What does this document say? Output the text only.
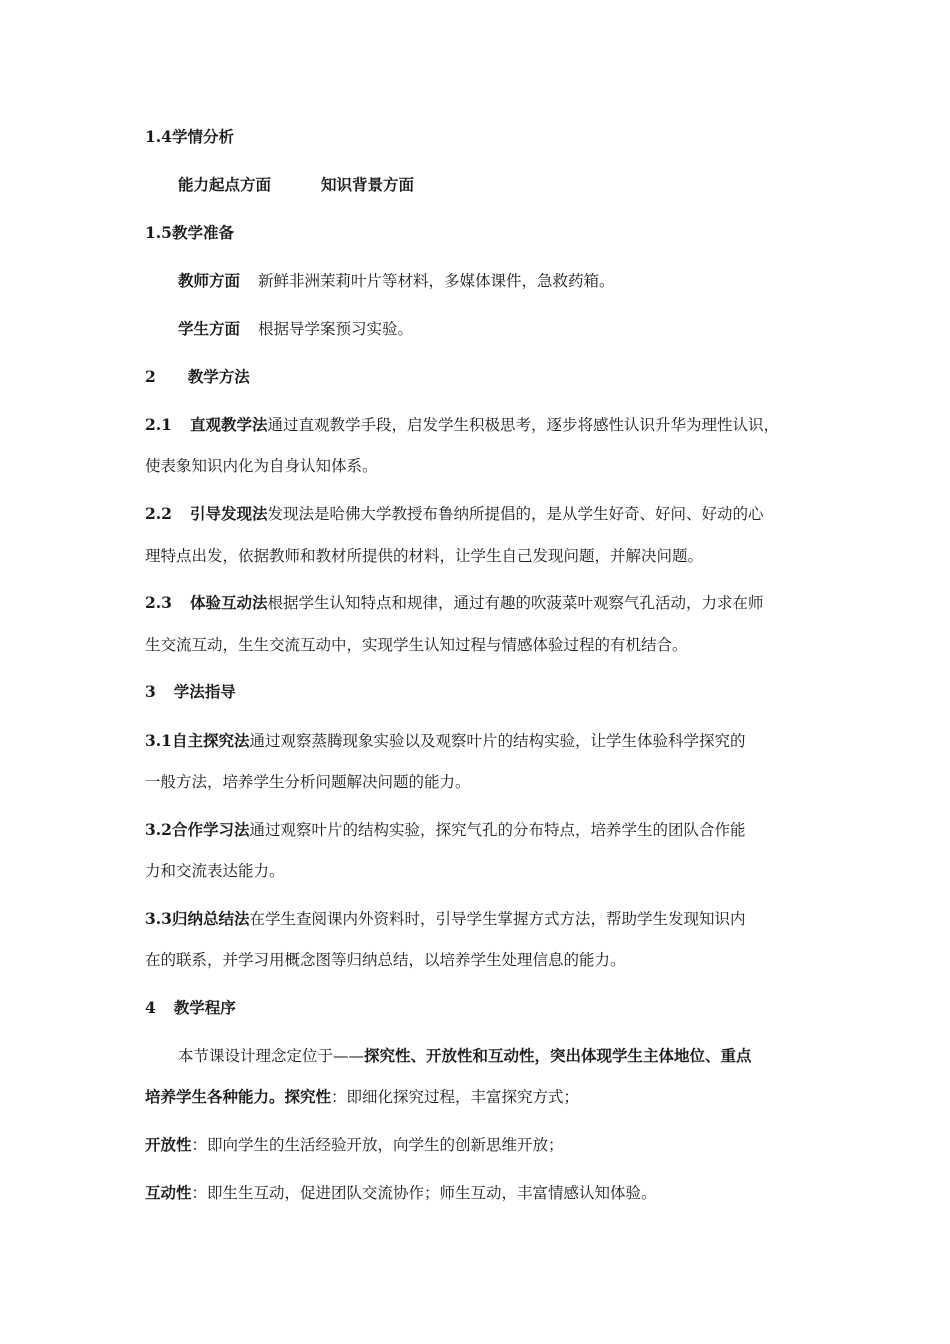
1.4学情分析
能力起点方面	知识背景方面
1.5教学准备
教师方面 新鲜非洲茉莉叶片等材料，多媒体课件，急救药箱。
学生方面 根据导学案预习实验。
2 教学方法
2.1 直观教学法通过直观教学手段，启发学生积极思考，逐步将感性认识升华为理性认识，
使表象知识内化为自身认知体系。
2.2 引导发现法发现法是哈佛大学教授布鲁纳所提倡的，是从学生好奇、好问、好动的心
理特点出发，依据教师和教材所提供的材料，让学生自己发现问题，并解决问题。
2.3 体验互动法根据学生认知特点和规律，通过有趣的吹菠菜叶观察气孔活动，力求在师
生交流互动，生生交流互动中，实现学生认知过程与情感体验过程的有机结合。
3 学法指导
3.1自主探究法通过观察蒸腾现象实验以及观察叶片的结构实验，让学生体验科学探究的
一般方法，培养学生分析问题解决问题的能力。
3.2合作学习法通过观察叶片的结构实验，探究气孔的分布特点，培养学生的团队合作能
力和交流表达能力。
3.3归纳总结法在学生查阅课内外资料时，引导学生掌握方式方法，帮助学生发现知识内
在的联系，并学习用概念图等归纳总结，以培养学生处理信息的能力。
4 教学程序
本节课设计理念定位于——探究性、开放性和互动性，突出体现学生主体地位、重点
培养学生各种能力。探究性：即细化探究过程，丰富探究方式；
开放性：即向学生的生活经验开放，向学生的创新思维开放；
互动性：即生生互动，促进团队交流协作；师生互动，丰富情感认知体验。
